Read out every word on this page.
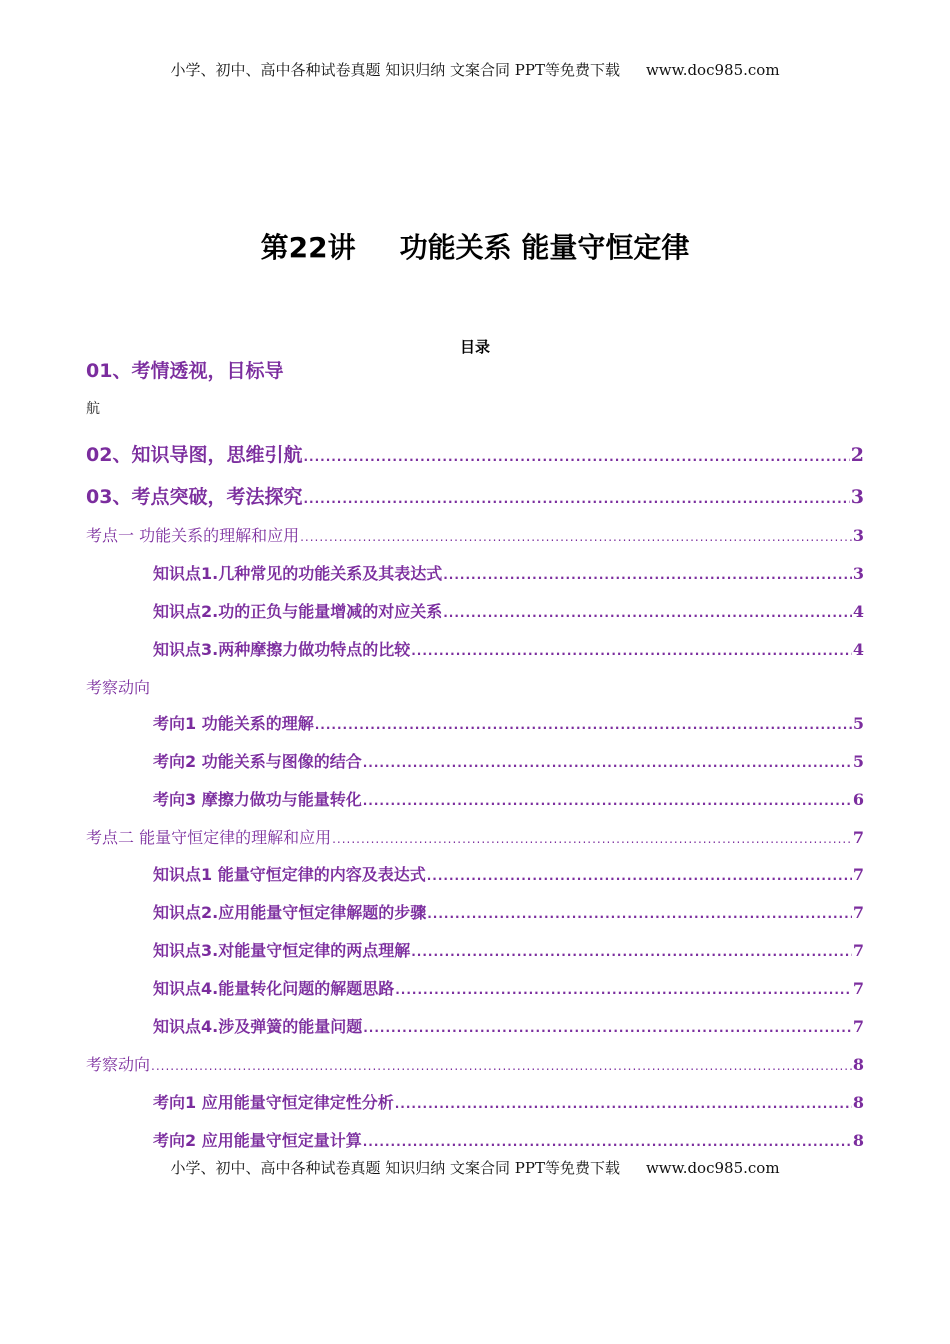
小学、初中、高中各种试卷真题 知识归纳 文案合同 PPT等免费下载 www.doc985.com
第22讲 功能关系 能量守恒定律
目录
01、考情透视，目标导
航
02、知识导图，思维引航 .....	2
03、考点突破，考法探究 .....	3
考点一 功能关系的理解和应用 .....	3
知识点1.几种常见的功能关系及其表达式 .....	3
知识点2.功的正负与能量增减的对应关系 .....	4
知识点3.两种摩擦力做功特点的比较 .....	4
考察动向
考向1 功能关系的理解 .....	5
考向2 功能关系与图像的结合 .....	5
考向3 摩擦力做功与能量转化 .....	6
考点二 能量守恒定律的理解和应用 .....	7
知识点1 能量守恒定律的内容及表达式 .....	7
知识点2.应用能量守恒定律解题的步骤 .....	7
知识点3.对能量守恒定律的两点理解 .....	7
知识点4.能量转化问题的解题思路 .....	7
知识点4.涉及弹簧的能量问题 .....	7
考察动向 .....	8
考向1 应用能量守恒定律定性分析 .....	8
考向2 应用能量守恒定量计算 .....	8
小学、初中、高中各种试卷真题 知识归纳 文案合同 PPT等免费下载 www.doc985.com
